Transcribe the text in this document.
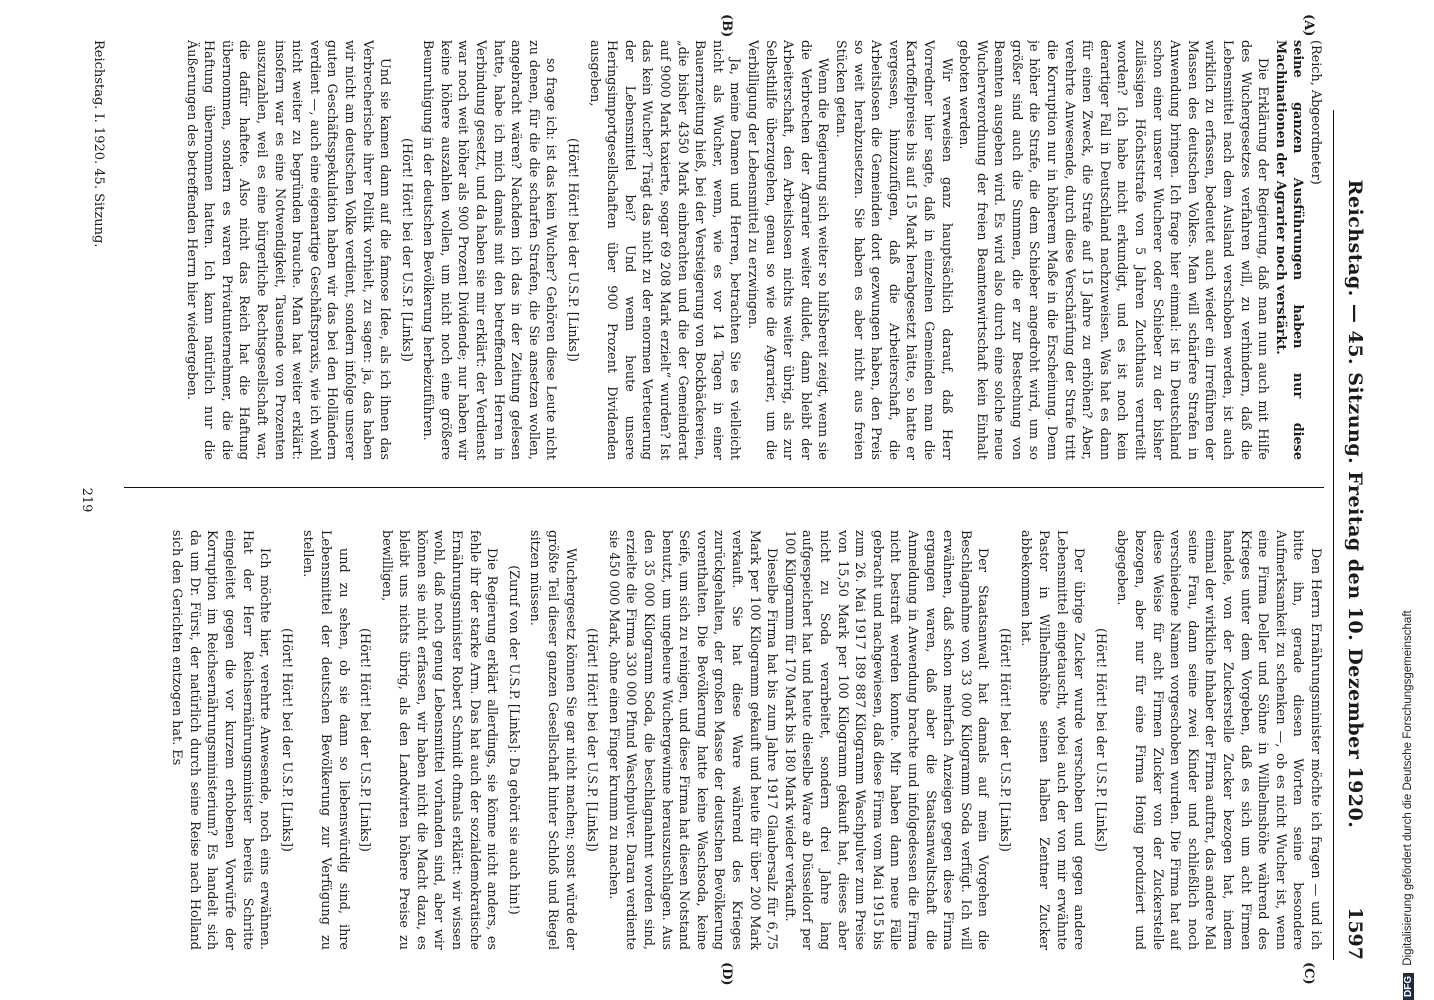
Reichstag. — 45. Sitzung. Freitag den 10. Dezember 1920.
1597
(A)
(B)
(C)
(D)

(Reich, Abgeordneter)

seine ganzen Ausführungen haben nur diese Machinationen der Agrarier noch verstärkt.

Die Erklärung der Regierung, daß man nun auch mit Hilfe des Wuchergesetzes verfahren will, zu verhindern, daß die Lebensmittel nach dem Ausland verschoben werden, ist auch wirklich zu erfassen, bedeutet auch wieder ein Irreführen der Massen des deutschen Volkes. Man will schärfere Strafen in Anwendung bringen. Ich frage hier einmal: ist in Deutschland schon einer unserer Wucherer oder Schieber zu der bisher zulässigen Höchststrafe von 5 Jahren Zuchthaus verurteilt worden? Ich habe nicht erkundigt, und es ist noch kein derartiger Fall in Deutschland nachzuweisen. Was hat es dann für einen Zweck, die Strafe auf 15 Jahre zu erhöhen? Aber, verehrte Anwesende, durch diese Verschärfung der Strafe tritt die Korruption nur in höherem Maße in die Erscheinung. Denn je höher die Strafe, die dem Schieber angedroht wird, um so größer sind auch die Summen, die er zur Bestechung von Beamten ausgeben wird. Es wird also durch eine solche neue Wucherverordnung der freien Beamtenwirtschaft kein Einhalt geboten werden.

Wir verweisen ganz hauptsächlich darauf, daß Herr Vorredner hier sagte, daß in einzelnen Gemeinden man die Kartoffelpreise bis auf 15 Mark herabgesetzt hätte, so hatte er vergessen, hinzuzufügen, daß die Arbeiterschaft, die Arbeitslosen die Gemeinden dort gezwungen haben, den Preis so weit herabzusetzen. Sie haben es aber nicht aus freien Stücken getan.

Wenn die Regierung sich weiter so hilfsbereit zeigt, wenn sie die Verbrechen der Agrarier weiter duldet, dann bleibt der Arbeiterschaft, den Arbeitslosen nichts weiter übrig, als zur Selbsthilfe überzugehen, genau so wie die Agrarier, um die Verbilligung der Lebensmittel zu erzwingen.

Ja, meine Damen und Herren, betrachten Sie es vielleicht nicht als Wucher, wenn, wie es vor 14 Tagen in einer Bauernzeitung hieß, bei der Versteigerung von Bockbäckereien, „die bisher 4350 Mark einbrachten und die der Gemeinderat auf 9000 Mark taxierte, sogar 69 208 Mark erzielt“ wurden? Ist das kein Wucher? Trägt das nicht zu der enormen Verteuerung der Lebensmittel bei? Und wenn heute unsere Heringsimportgesellschaften über 900 Prozent Dividenden ausgeben,

(Hört! Hört! bei der U.S.P. [Links])

so frage ich: ist das kein Wucher? Gehören diese Leute nicht zu denen, für die die scharfen Strafen, die Sie ansetzen wollen, angebracht wären? Nachdem ich das in der Zeitung gelesen hatte, habe ich mich damals mit den betreffenden Herren in Verbindung gesetzt, und da haben sie mir erklärt: der Verdienst war noch weit höher als 900 Prozent Dividende; nur haben wir keine höhere auszahlen wollen, um nicht noch eine größere Beunruhigung in der deutschen Bevölkerung herbeizuführen.

(Hört! Hört! bei der U.S.P. [Links])

Und sie kamen dann auf die famose Idee, als ich ihnen das Verbrecherische ihrer Politik vorhielt, zu sagen: ja, das haben wir nicht am deutschen Volke verdient, sondern infolge unserer guten Geschäftsspekulation haben wir das bei den Holländern verdient —, auch eine eigenartige Geschäftspraxis, wie ich wohl nicht weiter zu begründen brauche. Man hat weiter erklärt: insofern war es eine Notwendigkeit, Tausende von Prozenten auszuzahlen, weil es eine bürgerliche Rechtsgesellschaft war, die dafür haftete. Also nicht das Reich hat die Haftung übernommen, sondern es waren Privatunternehmer, die die Haftung übernommen hatten. Ich kann natürlich nur die Äußerungen des betreffenden Herrn hier wiedergeben.

Den Herrn Ernährungsminister möchte ich fragen — und ich bitte ihn, gerade diesen Worten seine besondere Aufmerksamkeit zu schenken —, ob es nicht Wucher ist, wenn eine Firma Deller und Söhne in Wilhelmshöhe während des Krieges unter dem Vorgeben, daß es sich um acht Firmen handele, von der Zuckerstelle Zucker bezogen hat, indem einmal der wirkliche Inhaber der Firma auftrat, das andere Mal seine Frau, dann seine zwei Kinder und schließlich noch verschiedene Namen vorgeschoben wurden. Die Firma hat auf diese Weise für acht Firmen Zucker von der Zuckerstelle bezogen, aber nur für eine Firma Honig produziert und abgegeben.

(Hört! Hört! bei der U.S.P. [Links])

Der übrige Zucker wurde verschoben und gegen andere Lebensmittel eingetauscht, wobei auch der von mir erwähnte Pastor in Wilhelmshöhe seinen halben Zentner Zucker abbekommen hat.

(Hört! Hört! bei der U.S.P. [Links])

Der Staatsanwalt hat damals auf mein Vorgehen die Beschlagnahme von 33 000 Kilogramm Soda verfügt. Ich will erwähnen, daß schon mehrfach Anzeigen gegen diese Firma ergangen waren, daß aber die Staatsanwaltschaft die Anmeldung in Anwendung brachte und infolgedessen die Firma nicht bestraft werden konnte. Mir haben dann neue Fälle gebracht und nachgewiesen, daß diese Firma vom Mai 1915 bis zum 26. Mai 1917 189 887 Kilogramm Waschpulver zum Preise von 15,50 Mark per 100 Kilogramm gekauft hat, dieses aber nicht zu Soda verarbeitet, sondern drei Jahre lang aufgespeichert hat und heute dieselbe Ware ab Düsseldorf per 100 Kilogramm für 170 Mark bis 180 Mark wieder verkauft.

Dieselbe Firma hat bis zum Jahre 1917 Glaubersalz für 6,75 Mark per 100 Kilogramm gekauft und heute für über 200 Mark verkauft. Sie hat diese Ware während des Krieges zurückgehalten, der großen Masse der deutschen Bevölkerung vorenthalten. Die Bevölkerung hatte keine Waschsoda, keine Seife, um sich zu reinigen, und diese Firma hat diesen Notstand benutzt, um ungeheure Wuchergewinne herauszuschlagen. Aus den 35 000 Kilogramm Soda, die beschlagnahmt worden sind, erzielte die Firma 330 000 Pfund Waschpulver. Daran verdiente sie 450 000 Mark, ohne einen Finger krumm zu machen.

(Hört! Hört! bei der U.S.P. [Links])

Wuchergesetz können Sie gar nicht machen; sonst würde der größte Teil dieser ganzen Gesellschaft hinter Schloß und Riegel sitzen müssen.

(Zuruf von der U.S.P. [Links]: Da gehört sie auch hin!)

Die Regierung erklärt allerdings, sie könne nicht anders, es fehle ihr der starke Arm. Das hat auch der sozialdemokratische Ernährungsminister Robert Schmidt oftmals erklärt: wir wissen wohl, daß noch genug Lebensmittel vorhanden sind, aber wir können sie nicht erfassen, wir haben nicht die Macht dazu, es bleibt uns nichts übrig, als den Landwirten höhere Preise zu bewilligen,

(Hört! Hört! bei der U.S.P. [Links])

und zu sehen, ob sie dann so liebenswürdig sind, ihre Lebensmittel der deutschen Bevölkerung zur Verfügung zu stellen.

(Hört! Hört! bei der U.S.P. [Links])

Ich möchte hier, verehrte Anwesende, noch eins erwähnen. Hat der Herr Reichsernährungsminister bereits Schritte eingeleitet gegen die vor kurzem erhobenen Vorwürfe der Korruption im Reichsernährungsministerium? Es handelt sich da um Dr. Fürst, der natürlich durch seine Reise nach Holland sich den Gerichten entzogen hat. Es

Reichstag. I. 1920. 45. Sitzung.
219
DFG Digitalisierung gefördert durch die Deutsche Forschungsgemeinschaft
